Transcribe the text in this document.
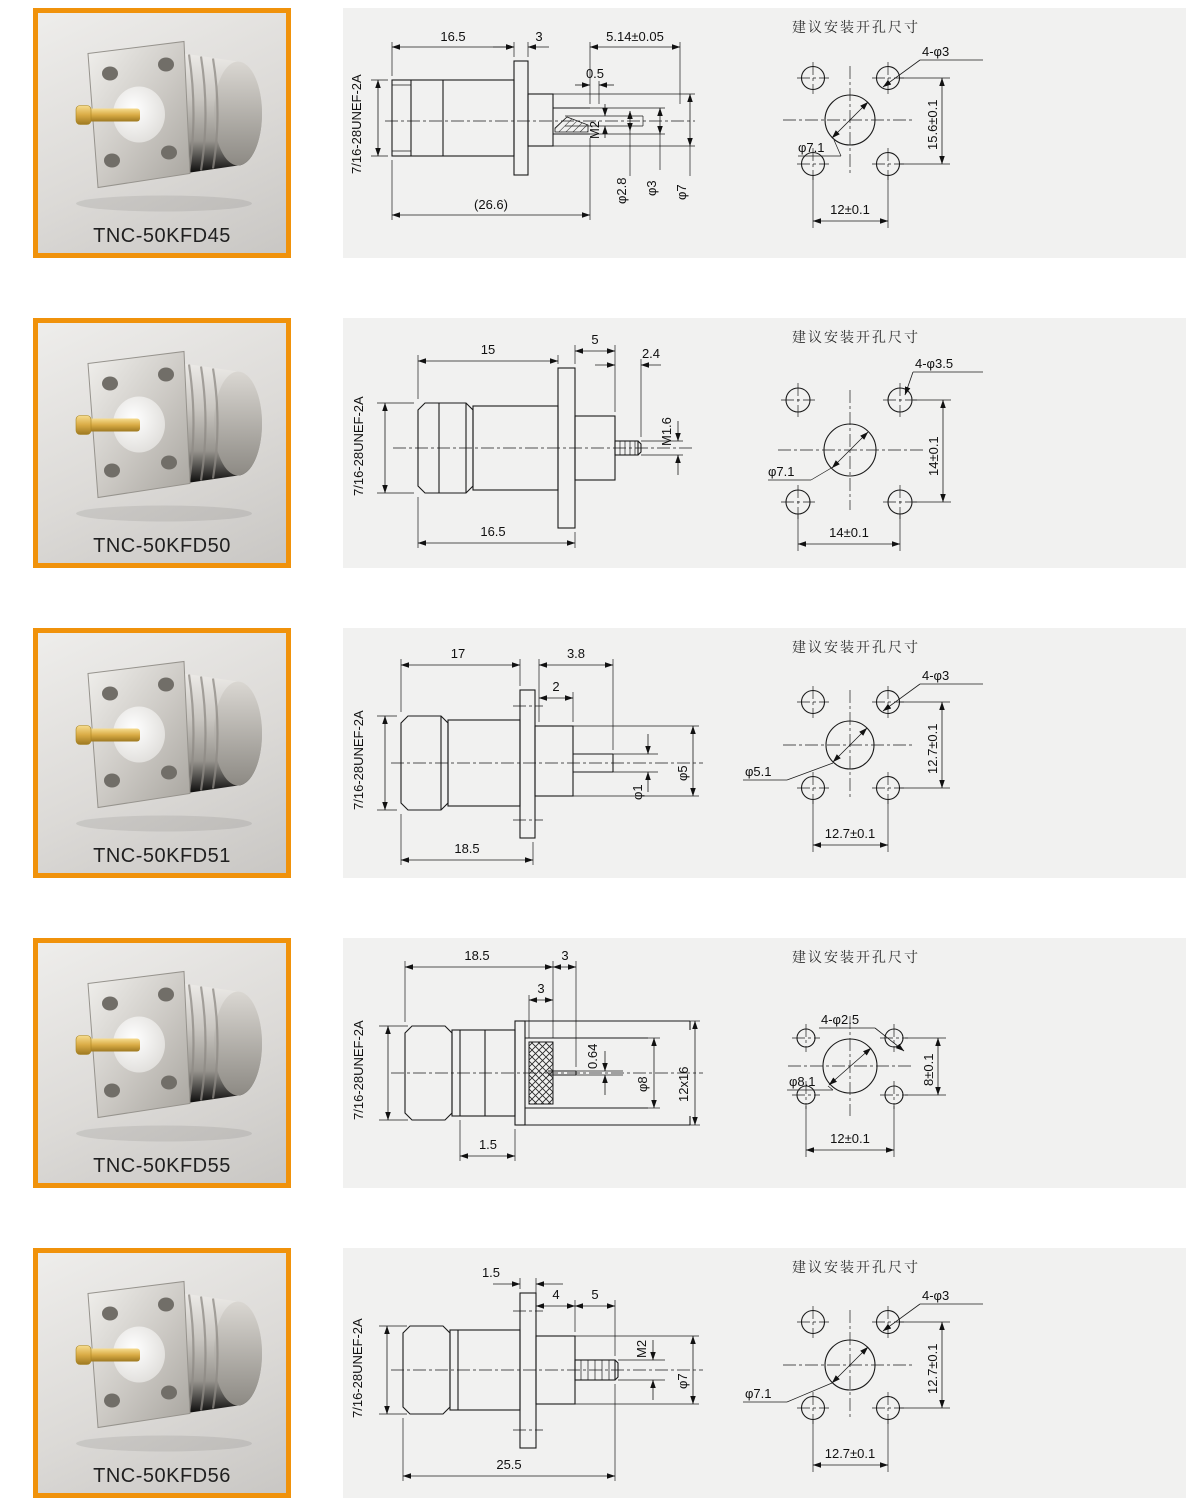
TNC-50KFD45
16.5	3	5.14±0.05
0.5
M2
φ2.8 φ3 φ7
(26.6)
7/16-28UNEF-2A
建议安装开孔尺寸
4-φ3
φ7.1	15.6±0.1
12±0.1
TNC-50KFD50
15
5
2.4
M1.6
16.5
7/16-28UNEF-2A
建议安装开孔尺寸
4-φ3.5
φ7.1	14±0.1
14±0.1
TNC-50KFD51
17	3.8
2
φ1
φ5
18.5
7/16-28UNEF-2A
建议安装开孔尺寸
4-φ3
φ5.1	12.7±0.1
12.7±0.1
TNC-50KFD55
18.5	3
3
0.64
φ8 12x16
1.5
7/16-28UNEF-2A
建议安装开孔尺寸
4-φ2.5
φ8.1	8±0.1
12±0.1
TNC-50KFD56
1.5
4 5
M2
φ7
25.5
7/16-28UNEF-2A
建议安装开孔尺寸
4-φ3
φ7.1	12.7±0.1
12.7±0.1
